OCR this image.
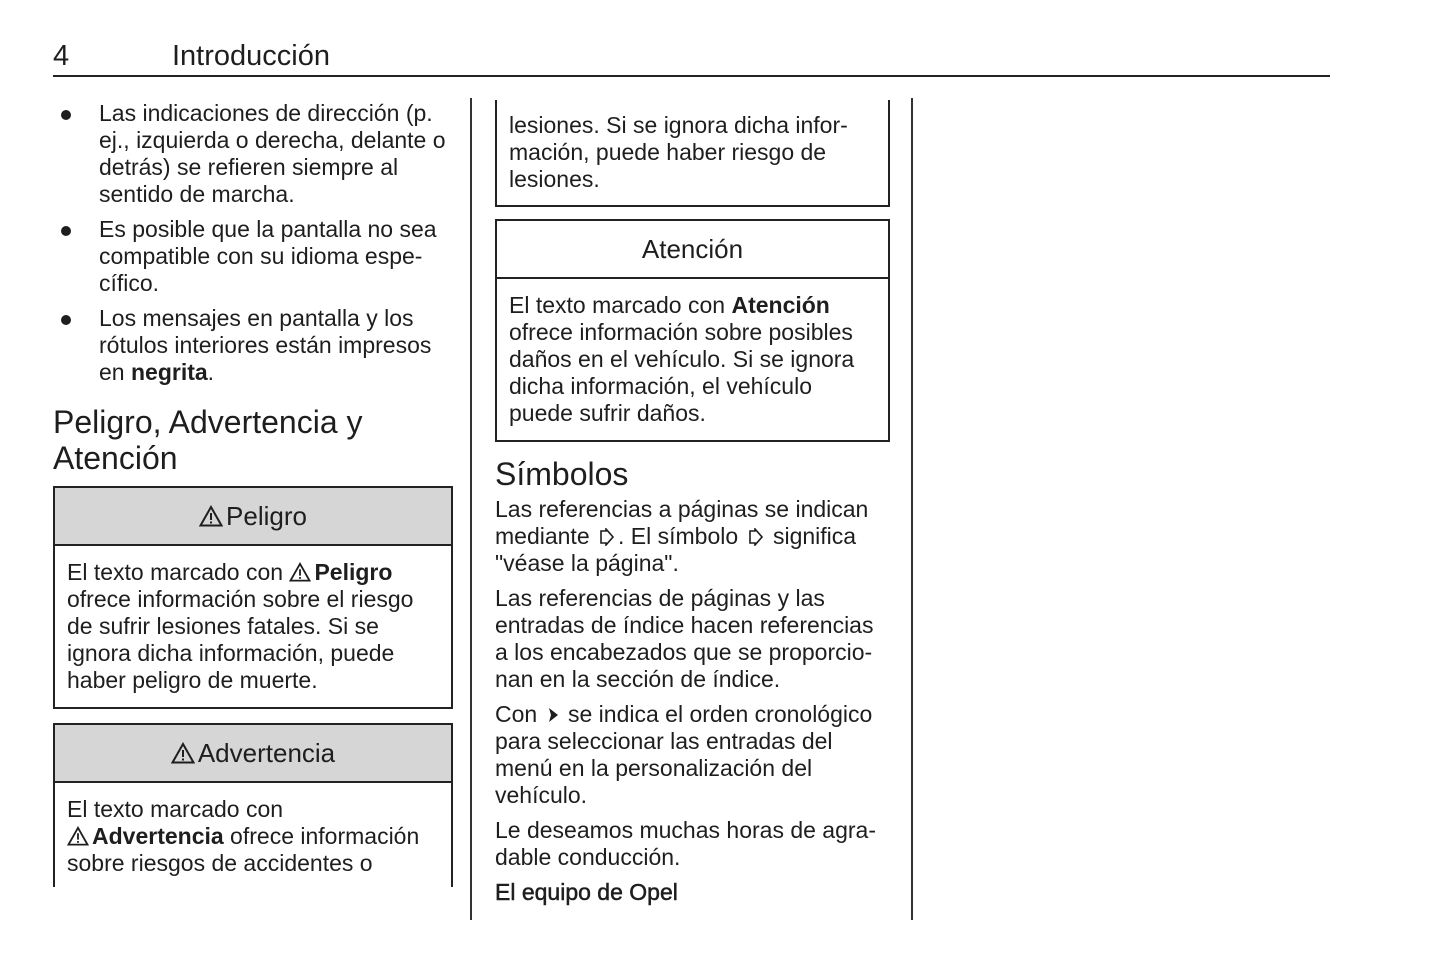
4	Introducción
Las indicaciones de dirección (p. ej., izquierda o derecha, delante o detrás) se refieren siempre al sentido de marcha.
Es posible que la pantalla no sea compatible con su idioma específico.
Los mensajes en pantalla y los rótulos interiores están impresos en negrita.
Peligro, Advertencia y Atención
Peligro
El texto marcado con Peligro ofrece información sobre el riesgo de sufrir lesiones fatales. Si se ignora dicha información, puede haber peligro de muerte.
Advertencia
El texto marcado con
Advertencia ofrece información sobre riesgos de accidentes o
lesiones. Si se ignora dicha información, puede haber riesgo de lesiones.
Atención
El texto marcado con Atención ofrece información sobre posibles daños en el vehículo. Si se ignora dicha información, el vehículo puede sufrir daños.
Símbolos

Las referencias a páginas se indican mediante . El símbolo  significa "véase la página".

Las referencias de páginas y las entradas de índice hacen referencias a los encabezados que se proporcionan en la sección de índice.

Con  se indica el orden cronológico para seleccionar las entradas del menú en la personalización del vehículo.

Le deseamos muchas horas de agradable conducción.

El equipo de Opel
